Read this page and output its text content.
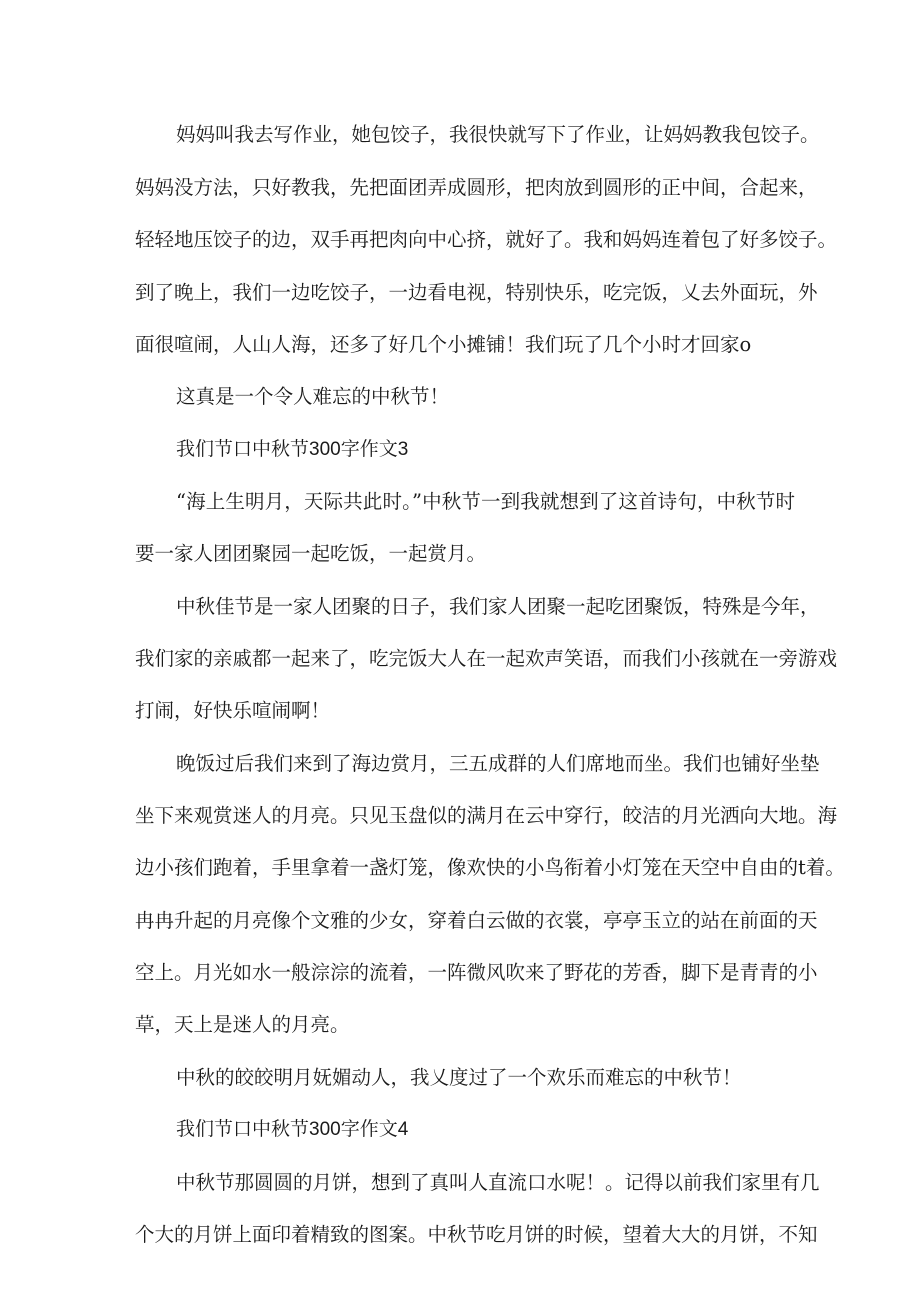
妈妈叫我去写作业，她包饺子，我很快就写下了作业，让妈妈教我包饺子。
妈妈没方法，只好教我，先把面团弄成圆形，把肉放到圆形的正中间，合起来，
轻轻地压饺子的边，双手再把肉向中心挤，就好了。我和妈妈连着包了好多饺子。
到了晚上，我们一边吃饺子，一边看电视，特别快乐，吃完饭，乂去外面玩，外
面很喧闹，人山人海，还多了好几个小摊铺！我们玩了几个小时才回家o
这真是一个令人难忘的中秋节！
我们节口中秋节300字作文3
“海上生明月，天际共此时。”中秋节一到我就想到了这首诗句，中秋节时
要一家人团团聚园一起吃饭，一起赏月。
中秋佳节是一家人团聚的日子，我们家人团聚一起吃团聚饭，特殊是今年，
我们家的亲戚都一起来了，吃完饭大人在一起欢声笑语，而我们小孩就在一旁游戏
打闹，好快乐喧闹啊！
晚饭过后我们来到了海边赏月，三五成群的人们席地而坐。我们也铺好坐垫
坐下来观赏迷人的月亮。只见玉盘似的满月在云中穿行，皎洁的月光洒向大地。海
边小孩们跑着，手里拿着一盏灯笼，像欢快的小鸟衔着小灯笼在天空中自由的t着。
冉冉升起的月亮像个文雅的少女，穿着白云做的衣裳，亭亭玉立的站在前面的天
空上。月光如水一般淙淙的流着，一阵微风吹来了野花的芳香，脚下是青青的小
草，天上是迷人的月亮。
中秋的皎皎明月妩媚动人，我乂度过了一个欢乐而难忘的中秋节！
我们节口中秋节300字作文4
中秋节那圆圆的月饼，想到了真叫人直流口水呢！。记得以前我们家里有几
个大的月饼上面印着精致的图案。中秋节吃月饼的时候，望着大大的月饼，不知
